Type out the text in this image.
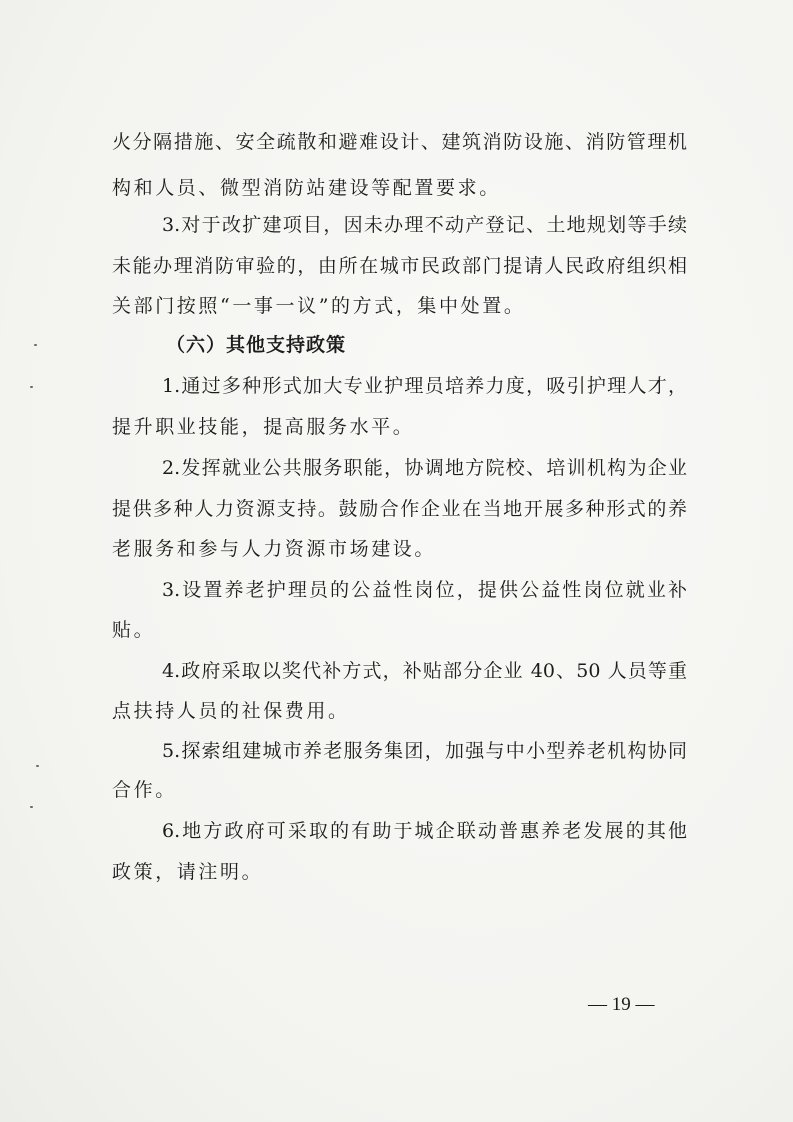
火分隔措施、安全疏散和避难设计、建筑消防设施、消防管理机
构和人员、微型消防站建设等配置要求。
3.对于改扩建项目，因未办理不动产登记、土地规划等手续
未能办理消防审验的，由所在城市民政部门提请人民政府组织相
关部门按照“一事一议”的方式，集中处置。
（六）其他支持政策
1.通过多种形式加大专业护理员培养力度，吸引护理人才，
提升职业技能，提高服务水平。
2.发挥就业公共服务职能，协调地方院校、培训机构为企业
提供多种人力资源支持。鼓励合作企业在当地开展多种形式的养
老服务和参与人力资源市场建设。
3.设置养老护理员的公益性岗位，提供公益性岗位就业补
贴。
4.政府采取以奖代补方式，补贴部分企业 40、50 人员等重
点扶持人员的社保费用。
5.探索组建城市养老服务集团，加强与中小型养老机构协同
合作。
6.地方政府可采取的有助于城企联动普惠养老发展的其他
政策，请注明。
— 19 —
